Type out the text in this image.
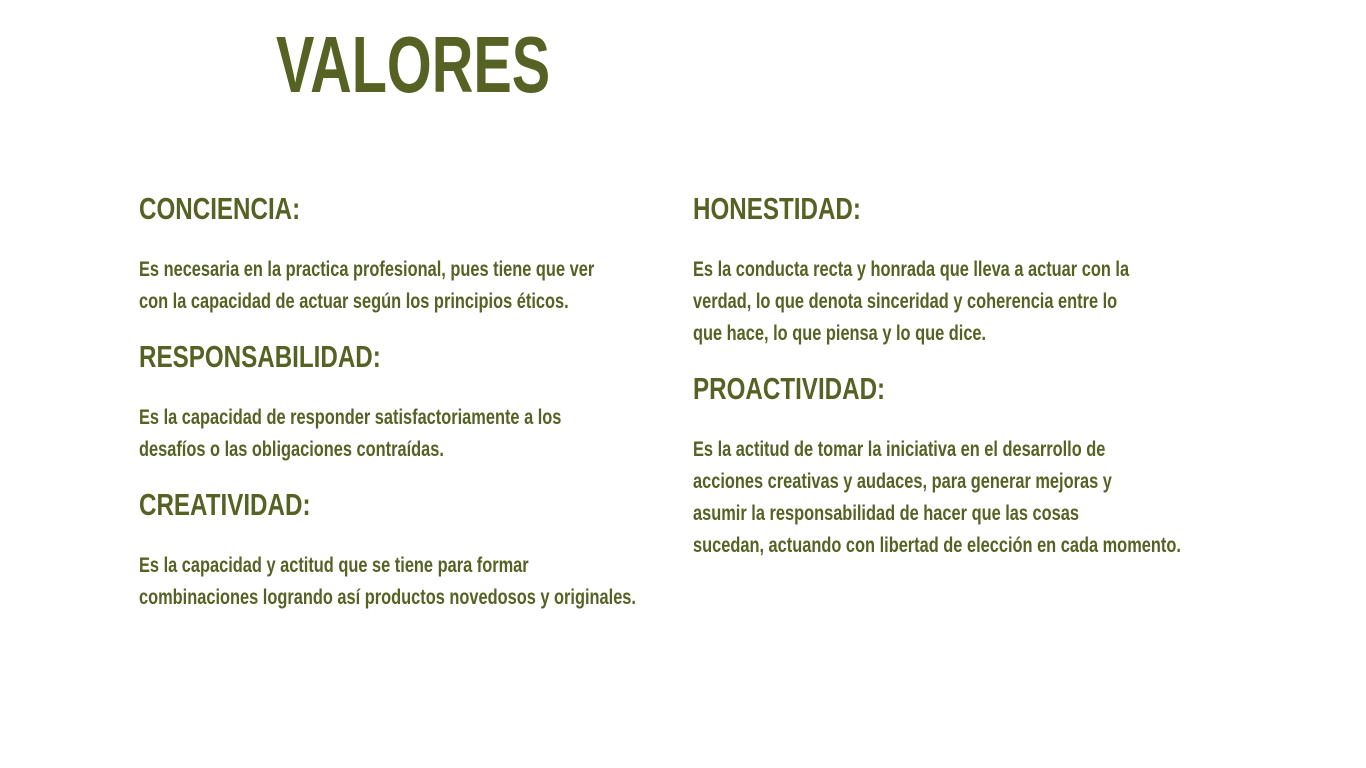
VALORES
CONCIENCIA:

Es necesaria en la practica profesional, pues tiene que ver
con la capacidad de actuar según los principios éticos.

RESPONSABILIDAD:

Es la capacidad de responder satisfactoriamente a los
desafíos o las obligaciones contraídas.

CREATIVIDAD:

Es la capacidad y actitud que se tiene para formar
combinaciones logrando así productos novedosos y originales.

HONESTIDAD:

Es la conducta recta y honrada que lleva a actuar con la
verdad, lo que denota sinceridad y coherencia entre lo
que hace, lo que piensa y lo que dice.

PROACTIVIDAD:

Es la actitud de tomar la iniciativa en el desarrollo de
acciones creativas y audaces, para generar mejoras y
asumir la responsabilidad de hacer que las cosas
sucedan, actuando con libertad de elección en cada momento.
